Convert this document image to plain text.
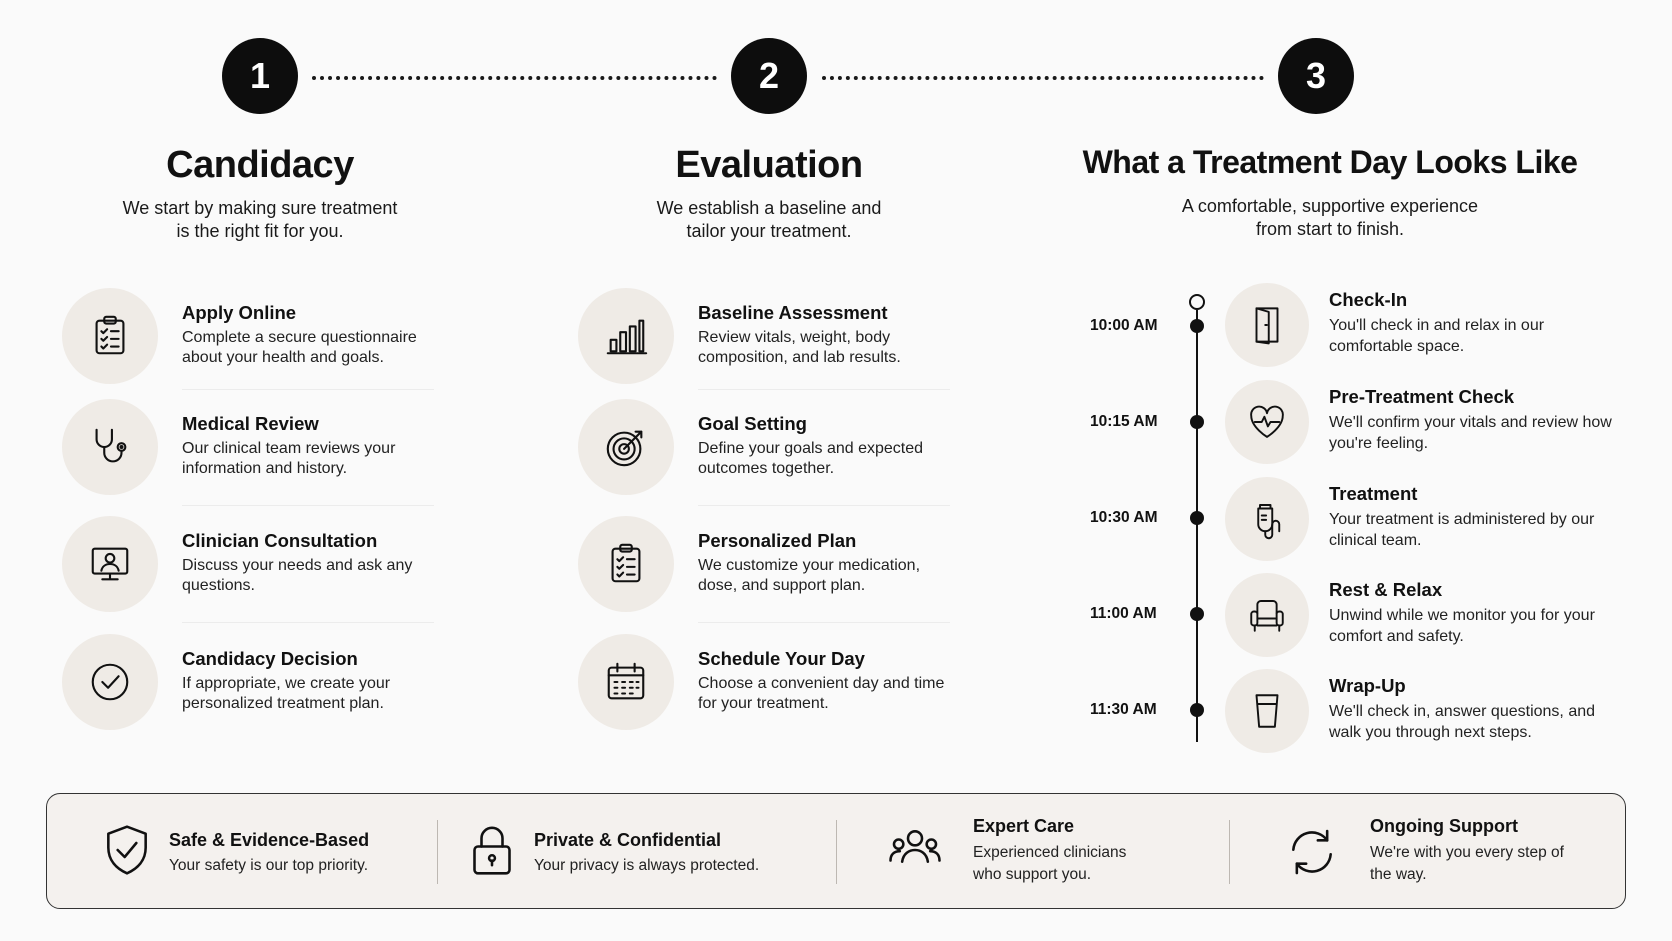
1	2	3
Candidacy
We start by making sure treatment
is the right fit for you.
Evaluation
We establish a baseline and
tailor your treatment.
What a Treatment Day Looks Like
A comfortable, supportive experience
from start to finish.
Apply Online
Complete a secure questionnaire about your health and goals.
Medical Review
Our clinical team reviews your information and history.
Clinician Consultation
Discuss your needs and ask any questions.
Candidacy Decision
If appropriate, we create your personalized treatment plan.
Baseline Assessment
Review vitals, weight, body composition, and lab results.
Goal Setting
Define your goals and expected outcomes together.
Personalized Plan
We customize your medication, dose, and support plan.
Schedule Your Day
Choose a convenient day and time for your treatment.
10:00 AM
Check-In
You'll check in and relax in our comfortable space.
10:15 AM
Pre-Treatment Check
We'll confirm your vitals and review how you're feeling.
10:30 AM
Treatment
Your treatment is administered by our clinical team.
11:00 AM
Rest & Relax
Unwind while we monitor you for your comfort and safety.
11:30 AM
Wrap-Up
We'll check in, answer questions, and walk you through next steps.
Safe & Evidence-Based
Your safety is our top priority.
Private & Confidential
Your privacy is always protected.
Expert Care
Experienced clinicians who support you.
Ongoing Support
We're with you every step of the way.
